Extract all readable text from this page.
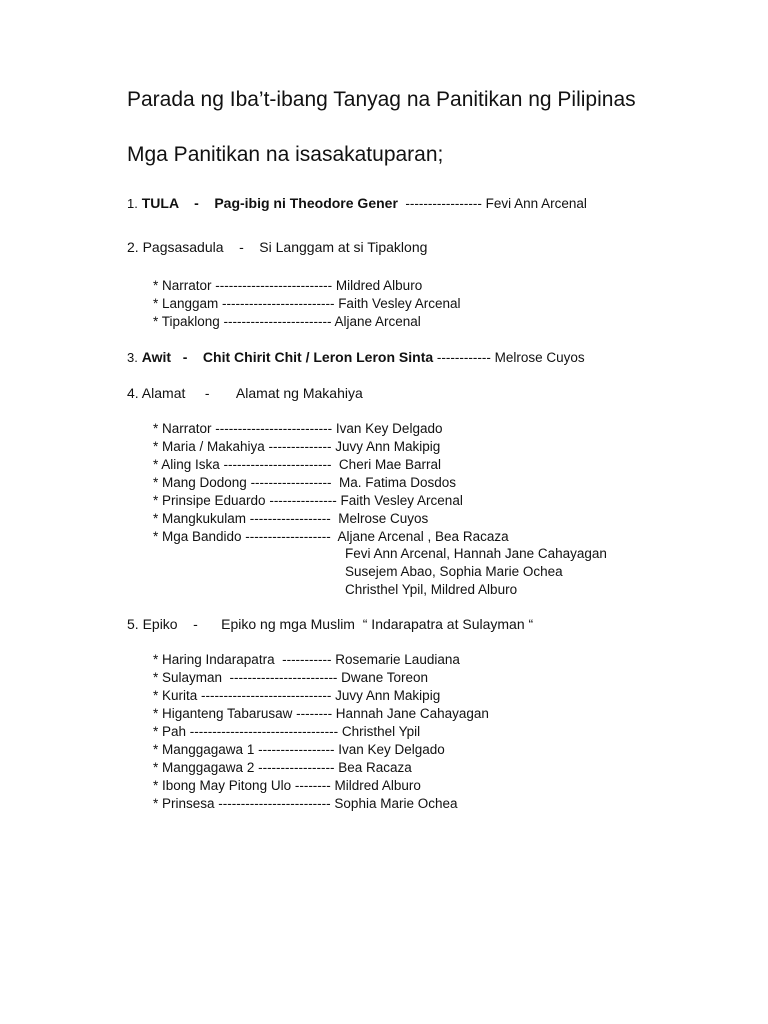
Parada ng Iba’t-ibang Tanyag na Panitikan ng Pilipinas
Mga Panitikan na isasakatuparan;
1. TULA    -    Pag-ibig ni Theodore Gener  ----------------- Fevi Ann Arcenal
2. Pagsasadula    -    Si Langgam at si Tipaklong
* Narrator -------------------------- Mildred Alburo
* Langgam ------------------------- Faith Vesley Arcenal
* Tipaklong ------------------------ Aljane Arcenal
3. Awit   -    Chit Chirit Chit / Leron Leron Sinta ------------ Melrose Cuyos
4. Alamat     -       Alamat ng Makahiya
* Narrator -------------------------- Ivan Key Delgado
* Maria / Makahiya -------------- Juvy Ann Makipig
* Aling Iska ------------------------  Cheri Mae Barral
* Mang Dodong ------------------  Ma. Fatima Dosdos
* Prinsipe Eduardo --------------- Faith Vesley Arcenal
* Mangkukulam ------------------  Melrose Cuyos
* Mga Bandido -------------------  Aljane Arcenal , Bea Racaza
Fevi Ann Arcenal, Hannah Jane Cahayagan
Susejem Abao, Sophia Marie Ochea
Christhel Ypil, Mildred Alburo
5. Epiko    -      Epiko ng mga Muslim  “ Indarapatra at Sulayman “
* Haring Indarapatra  ----------- Rosemarie Laudiana
* Sulayman  ------------------------ Dwane Toreon
* Kurita ----------------------------- Juvy Ann Makipig
* Higanteng Tabarusaw -------- Hannah Jane Cahayagan
* Pah --------------------------------- Christhel Ypil
* Manggagawa 1 ----------------- Ivan Key Delgado
* Manggagawa 2 ----------------- Bea Racaza
* Ibong May Pitong Ulo -------- Mildred Alburo
* Prinsesa ------------------------- Sophia Marie Ochea
